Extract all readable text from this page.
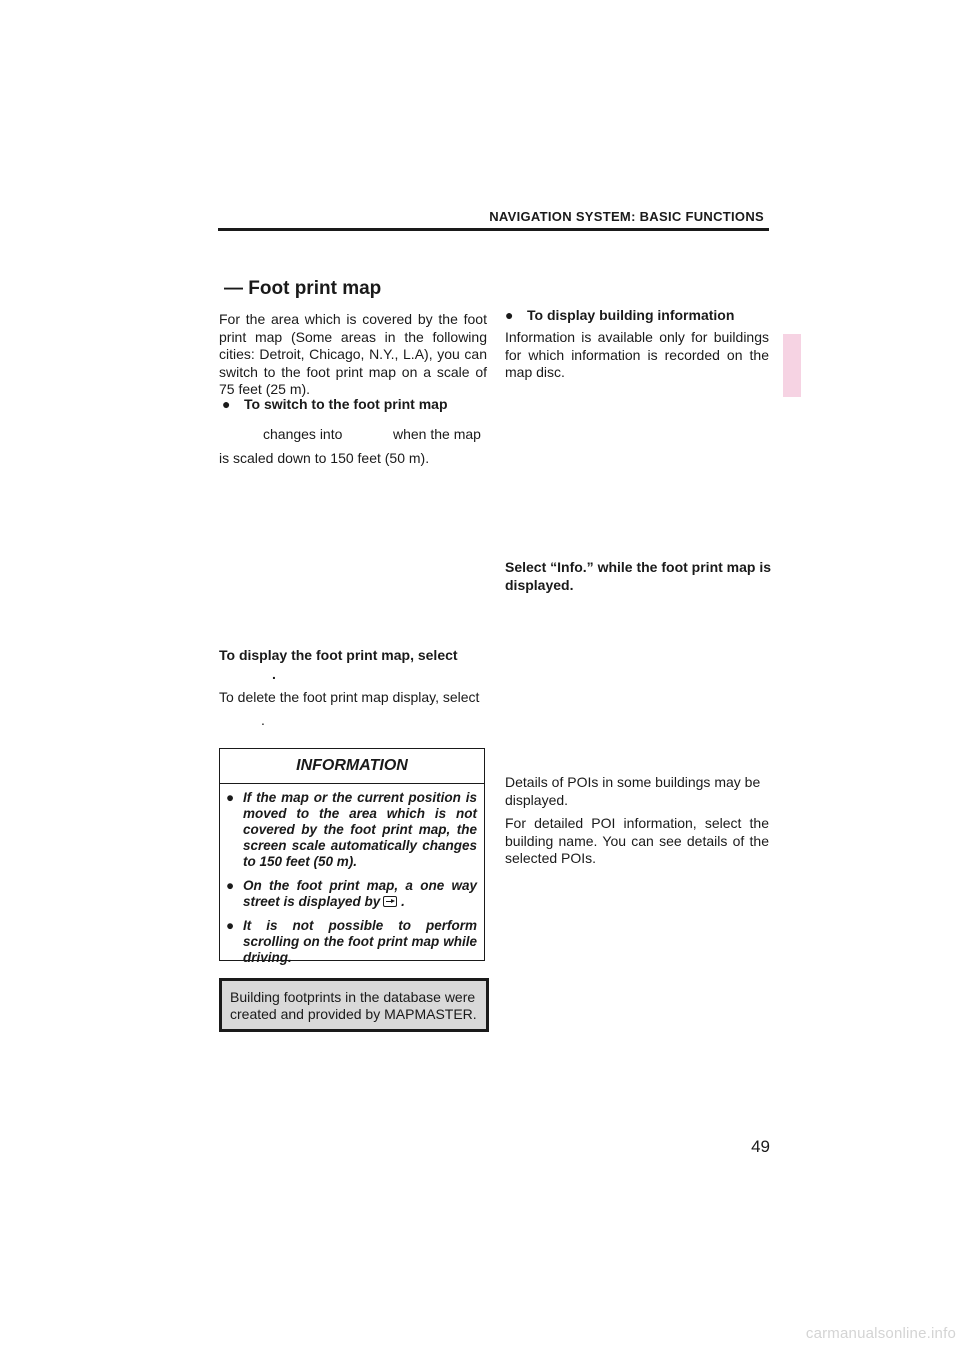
NAVIGATION SYSTEM: BASIC FUNCTIONS
— Foot print map
For the area which is covered by the foot print map (Some areas in the following cities: Detroit, Chicago, N.Y., L.A), you can switch to the foot print map on a scale of 75 feet (25 m).
● To switch to the foot print map
changes into	when the map
is scaled down to 150 feet (50 m).
To display the foot print map, select
.
To delete the foot print map display, select
.
INFORMATION
● If the map or the current position is moved to the area which is not covered by the foot print map, the screen scale automatically changes to 150 feet (50 m).
● On the foot print map, a one way street is displayed by .
● It is not possible to perform scrolling on the foot print map while driving.
Building footprints in the database were created and provided by MAPMASTER.
● To display building information
Information is available only for buildings for which information is recorded on the map disc.
Select “Info.” while the foot print map is displayed.
Details of POIs in some buildings may be displayed.
For detailed POI information, select the building name. You can see details of the selected POIs.
49
carmanualsonline.info
